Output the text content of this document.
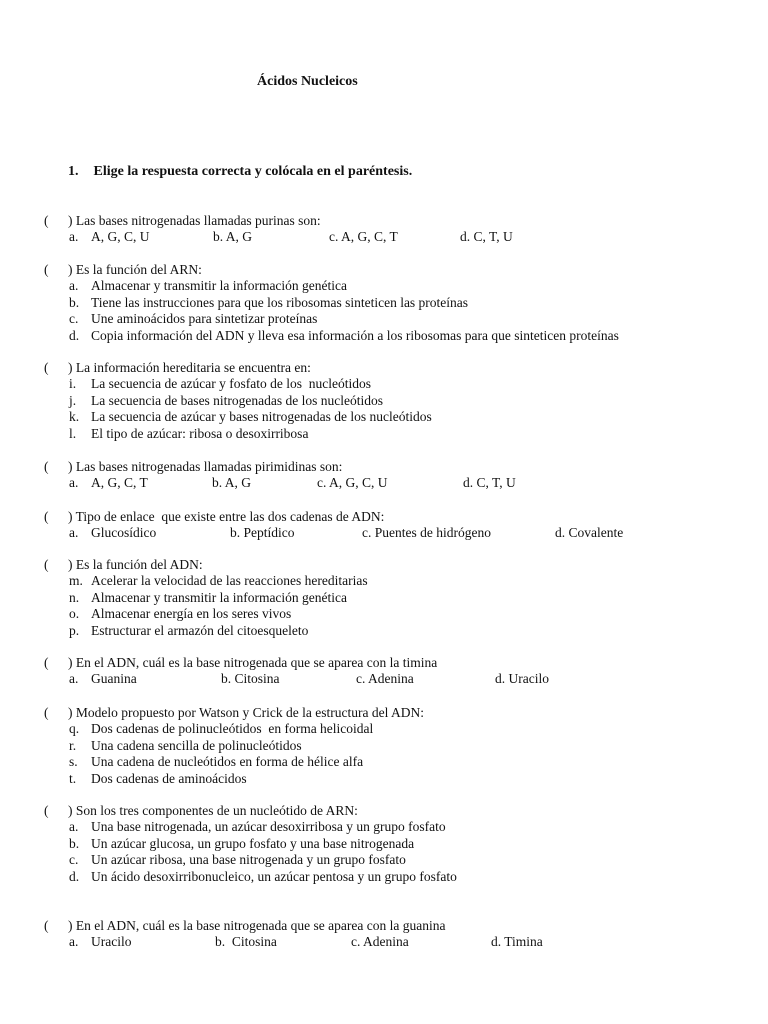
Ácidos Nucleicos
1. Elige la respuesta correcta y colócala en el paréntesis.
( ) Las bases nitrogenadas llamadas purinas son:
a. A, G, C, U	b. A, G	c. A, G, C, T	d. C, T, U
( ) Es la función del ARN:
a. Almacenar y transmitir la información genética
b. Tiene las instrucciones para que los ribosomas sinteticen las proteínas
c. Une aminoácidos para sintetizar proteínas
d. Copia información del ADN y lleva esa información a los ribosomas para que sinteticen proteínas
( ) La información hereditaria se encuentra en:
i. La secuencia de azúcar y fosfato de los  nucleótidos
j. La secuencia de bases nitrogenadas de los nucleótidos
k. La secuencia de azúcar y bases nitrogenadas de los nucleótidos
l. El tipo de azúcar: ribosa o desoxirribosa
( ) Las bases nitrogenadas llamadas pirimidinas son:
a. A, G, C, T	b. A, G	c. A, G, C, U	d. C, T, U
( ) Tipo de enlace  que existe entre las dos cadenas de ADN:
a. Glucosídico	b. Peptídico	c. Puentes de hidrógeno	d. Covalente
( ) Es la función del ADN:
m. Acelerar la velocidad de las reacciones hereditarias
n. Almacenar y transmitir la información genética
o. Almacenar energía en los seres vivos
p. Estructurar el armazón del citoesqueleto
( ) En el ADN, cuál es la base nitrogenada que se aparea con la timina
a. Guanina	b. Citosina	c. Adenina	d. Uracilo
( ) Modelo propuesto por Watson y Crick de la estructura del ADN:
q. Dos cadenas de polinucleótidos  en forma helicoidal
r. Una cadena sencilla de polinucleótidos
s. Una cadena de nucleótidos en forma de hélice alfa
t. Dos cadenas de aminoácidos
( ) Son los tres componentes de un nucleótido de ARN:
a. Una base nitrogenada, un azúcar desoxirribosa y un grupo fosfato
b. Un azúcar glucosa, un grupo fosfato y una base nitrogenada
c. Un azúcar ribosa, una base nitrogenada y un grupo fosfato
d. Un ácido desoxirribonucleico, un azúcar pentosa y un grupo fosfato
( ) En el ADN, cuál es la base nitrogenada que se aparea con la guanina
a. Uracilo	b.  Citosina	c. Adenina	d. Timina
